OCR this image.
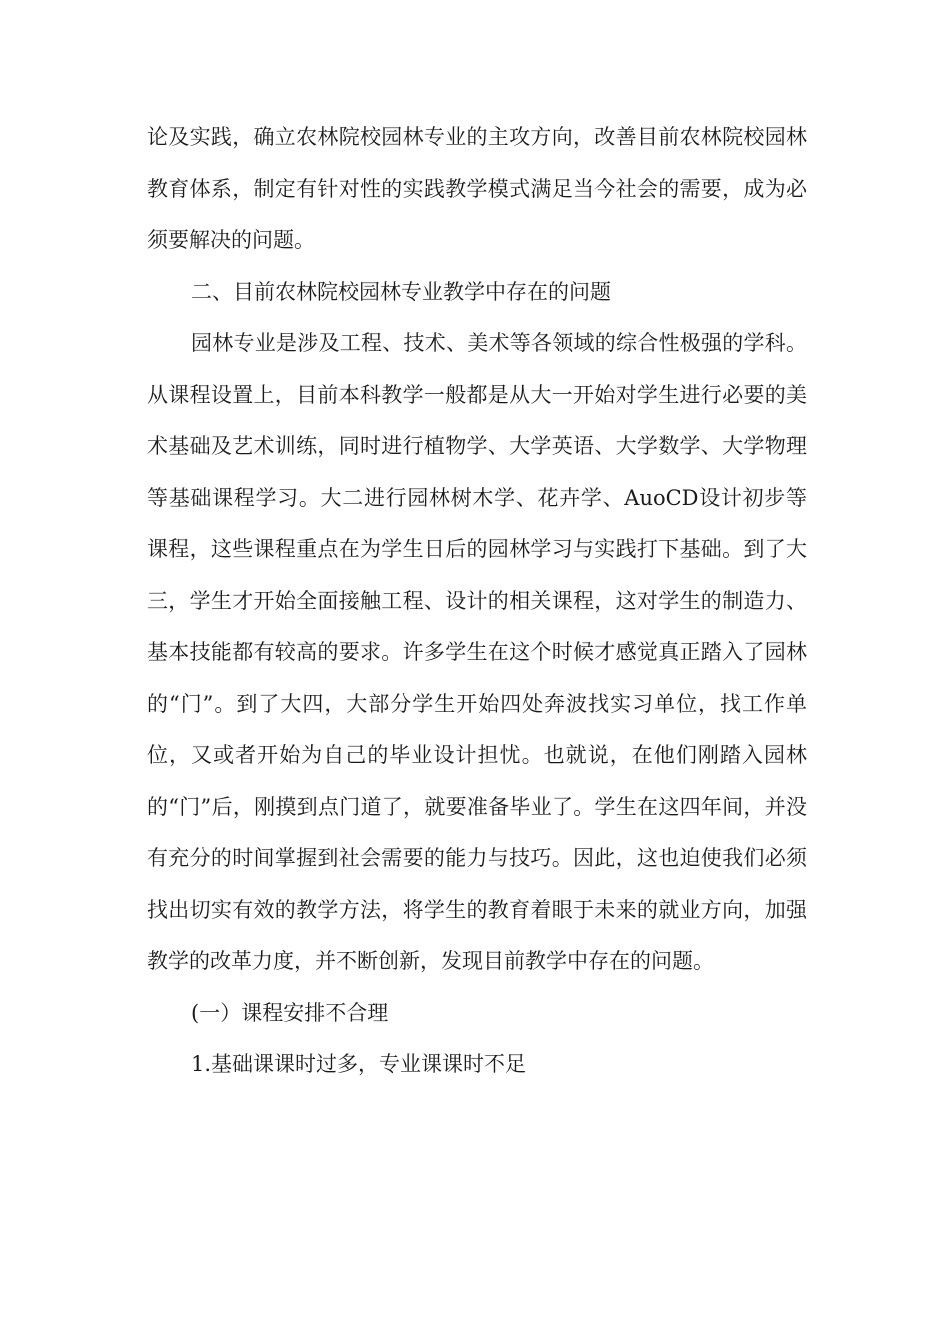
论及实践，确立农林院校园林专业的主攻方向，改善目前农林院校园林教育体系，制定有针对性的实践教学模式满足当今社会的需要，成为必须要解决的问题。

二、目前农林院校园林专业教学中存在的问题

园林专业是涉及工程、技术、美术等各领域的综合性极强的学科。从课程设置上，目前本科教学一般都是从大一开始对学生进行必要的美术基础及艺术训练，同时进行植物学、大学英语、大学数学、大学物理等基础课程学习。大二进行园林树木学、花卉学、AuoCD设计初步等课程，这些课程重点在为学生日后的园林学习与实践打下基础。到了大三，学生才开始全面接触工程、设计的相关课程，这对学生的制造力、基本技能都有较高的要求。许多学生在这个时候才感觉真正踏入了园林的“门”。到了大四，大部分学生开始四处奔波找实习单位，找工作单位，又或者开始为自己的毕业设计担忧。也就说，在他们刚踏入园林的“门”后，刚摸到点门道了，就要准备毕业了。学生在这四年间，并没有充分的时间掌握到社会需要的能力与技巧。因此，这也迫使我们必须找出切实有效的教学方法，将学生的教育着眼于未来的就业方向，加强教学的改革力度，并不断创新，发现目前教学中存在的问题。

(一）课程安排不合理

1.基础课课时过多，专业课课时不足
